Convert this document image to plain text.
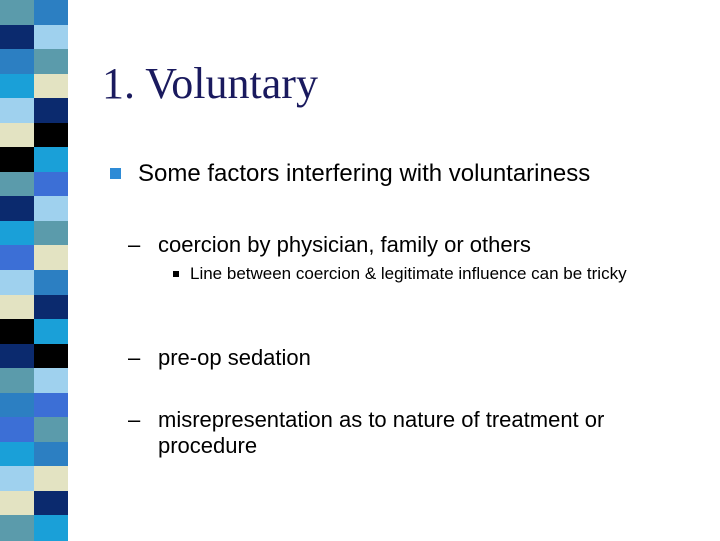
1. Voluntary
Some factors interfering with voluntariness
– coercion by physician, family or others
Line between coercion & legitimate influence can be tricky
– pre-op sedation
– misrepresentation as to nature of treatment or procedure
